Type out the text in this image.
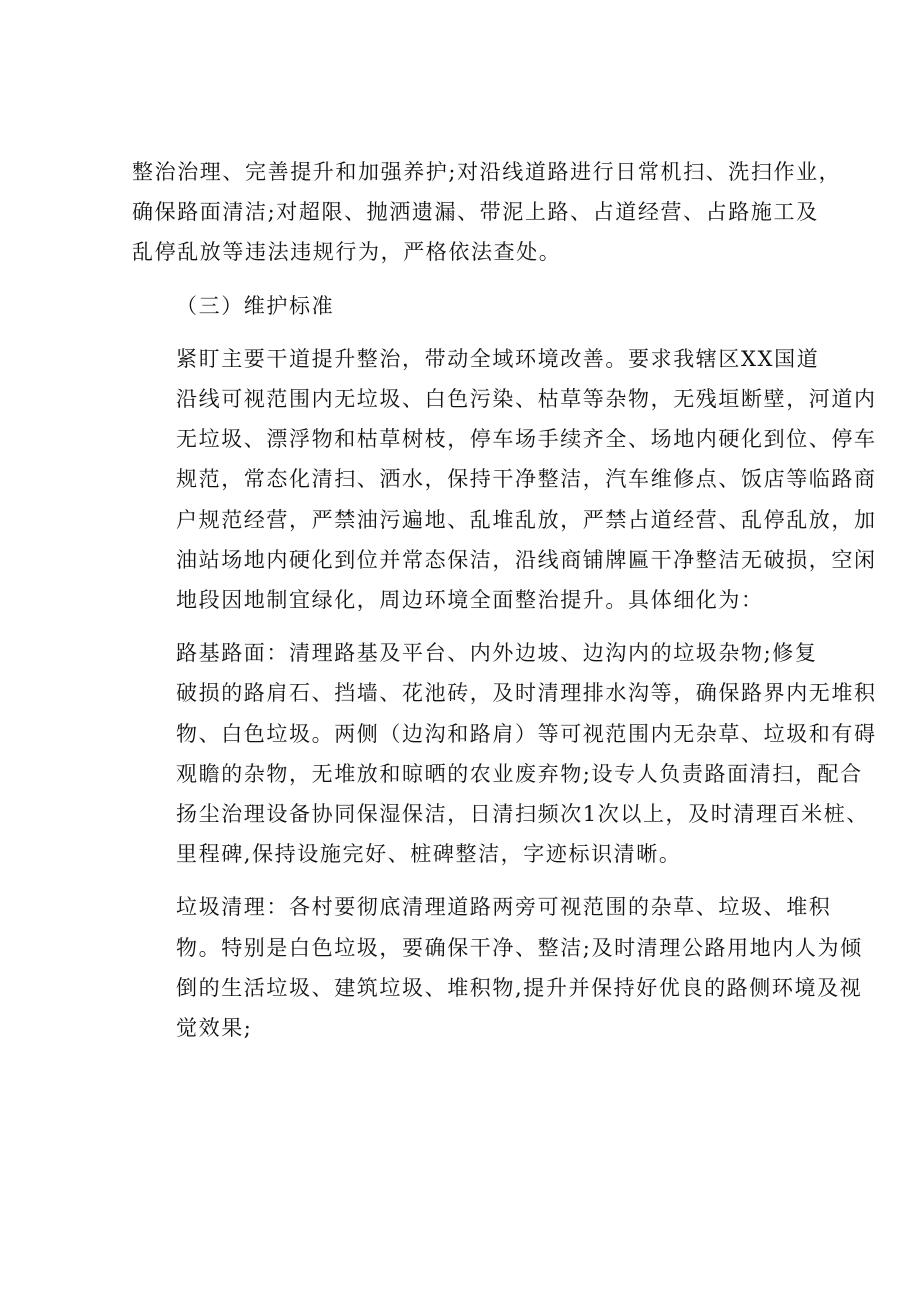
整治治理、完善提升和加强养护;对沿线道路进行日常机扫、洗扫作业，
确保路面清洁;对超限、抛洒遗漏、带泥上路、占道经营、占路施工及
乱停乱放等违法违规行为，严格依法查处。

（三）维护标准

紧盯主要干道提升整治，带动全域环境改善。要求我辖区XX国道
沿线可视范围内无垃圾、白色污染、枯草等杂物，无残垣断壁，河道内
无垃圾、漂浮物和枯草树枝，停车场手续齐全、场地内硬化到位、停车
规范，常态化清扫、洒水，保持干净整洁，汽车维修点、饭店等临路商
户规范经营，严禁油污遍地、乱堆乱放，严禁占道经营、乱停乱放，加
油站场地内硬化到位并常态保洁，沿线商铺牌匾干净整洁无破损，空闲
地段因地制宜绿化，周边环境全面整治提升。具体细化为：

路基路面：清理路基及平台、内外边坡、边沟内的垃圾杂物;修复
破损的路肩石、挡墙、花池砖，及时清理排水沟等，确保路界内无堆积
物、白色垃圾。两侧（边沟和路肩）等可视范围内无杂草、垃圾和有碍
观瞻的杂物，无堆放和晾晒的农业废弃物;设专人负责路面清扫，配合
扬尘治理设备协同保湿保洁，日清扫频次1次以上，及时清理百米桩、
里程碑,保持设施完好、桩碑整洁，字迹标识清晰。

垃圾清理：各村要彻底清理道路两旁可视范围的杂草、垃圾、堆积
物。特别是白色垃圾，要确保干净、整洁;及时清理公路用地内人为倾
倒的生活垃圾、建筑垃圾、堆积物,提升并保持好优良的路侧环境及视
觉效果;
